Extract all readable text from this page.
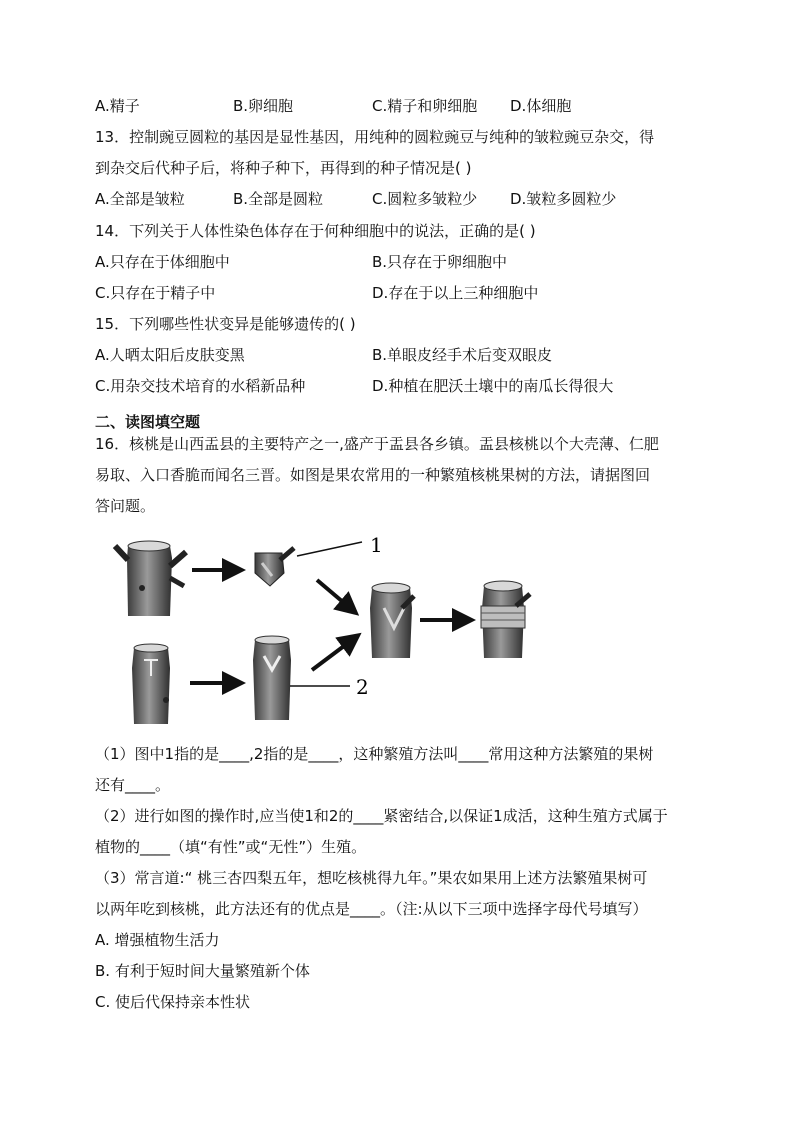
A.精子	B.卵细胞	C.精子和卵细胞 D.体细胞
13．控制豌豆圆粒的基因是显性基因，用纯种的圆粒豌豆与纯种的皱粒豌豆杂交，得
到杂交后代种子后，将种子种下，再得到的种子情况是( )
A.全部是皱粒	B.全部是圆粒	C.圆粒多皱粒少 D.皱粒多圆粒少
14．下列关于人体性染色体存在于何种细胞中的说法，正确的是( )
A.只存在于体细胞中	B.只存在于卵细胞中
C.只存在于精子中	D.存在于以上三种细胞中
15．下列哪些性状变异是能够遗传的( )
A.人晒太阳后皮肤变黑	B.单眼皮经手术后变双眼皮
C.用杂交技术培育的水稻新品种	D.种植在肥沃土壤中的南瓜长得很大
二、读图填空题
16．核桃是山西盂县的主要特产之一,盛产于盂县各乡镇。盂县核桃以个大壳薄、仁肥
易取、入口香脆而闻名三晋。如图是果农常用的一种繁殖核桃果树的方法，请据图回
答问题。
1
2
（1）图中1指的是____,2指的是____，这种繁殖方法叫____常用这种方法繁殖的果树
还有____。
（2）进行如图的操作时,应当使1和2的____紧密结合,以保证1成活，这种生殖方式属于
植物的____（填“有性”或“无性”）生殖。
（3）常言道:“ 桃三杏四梨五年，想吃核桃得九年。”果农如果用上述方法繁殖果树可
以两年吃到核桃，此方法还有的优点是____。（注:从以下三项中选择字母代号填写）
A. 增强植物生活力
B. 有利于短时间大量繁殖新个体
C. 使后代保持亲本性状
